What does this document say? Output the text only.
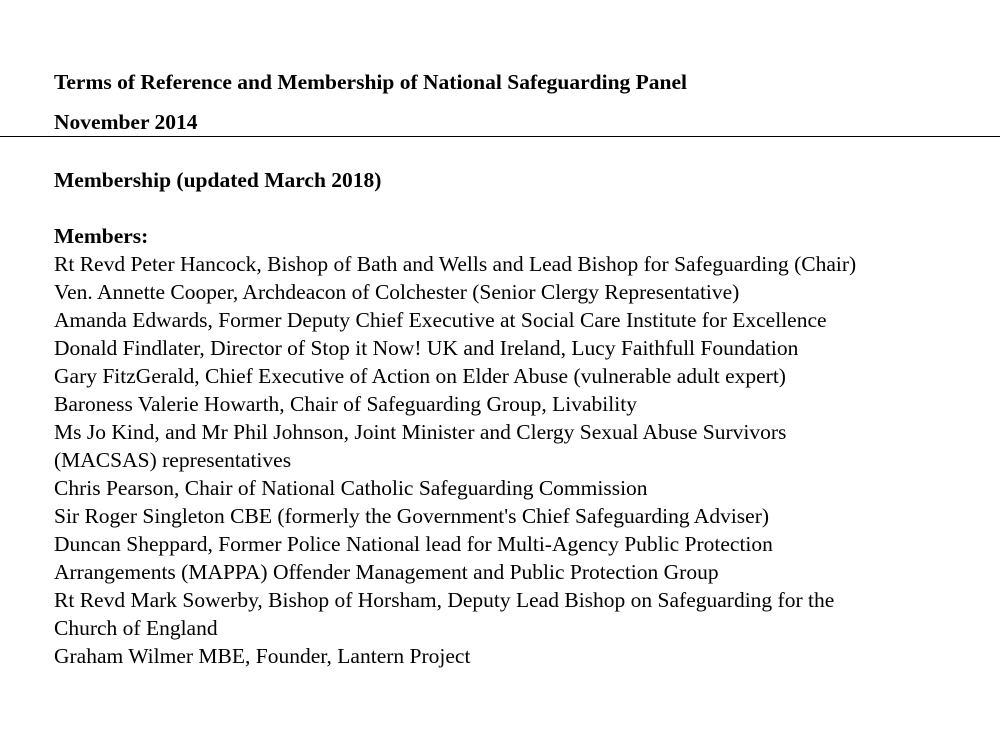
Terms of Reference and Membership of National Safeguarding Panel
November 2014
Membership (updated March 2018)
Members:
Rt Revd Peter Hancock, Bishop of Bath and Wells and Lead Bishop for Safeguarding (Chair)
Ven. Annette Cooper, Archdeacon of Colchester (Senior Clergy Representative)
Amanda Edwards, Former Deputy Chief Executive at Social Care Institute for Excellence
Donald Findlater, Director of Stop it Now! UK and Ireland, Lucy Faithfull Foundation
Gary FitzGerald, Chief Executive of Action on Elder Abuse (vulnerable adult expert)
Baroness Valerie Howarth, Chair of Safeguarding Group, Livability
Ms Jo Kind, and Mr Phil Johnson, Joint Minister and Clergy Sexual Abuse Survivors
(MACSAS) representatives
Chris Pearson, Chair of National Catholic Safeguarding Commission
Sir Roger Singleton CBE (formerly the Government's Chief Safeguarding Adviser)
Duncan Sheppard, Former Police National lead for Multi-Agency Public Protection
Arrangements (MAPPA) Offender Management and Public Protection Group
Rt Revd Mark Sowerby, Bishop of Horsham, Deputy Lead Bishop on Safeguarding for the
Church of England
Graham Wilmer MBE, Founder, Lantern Project
